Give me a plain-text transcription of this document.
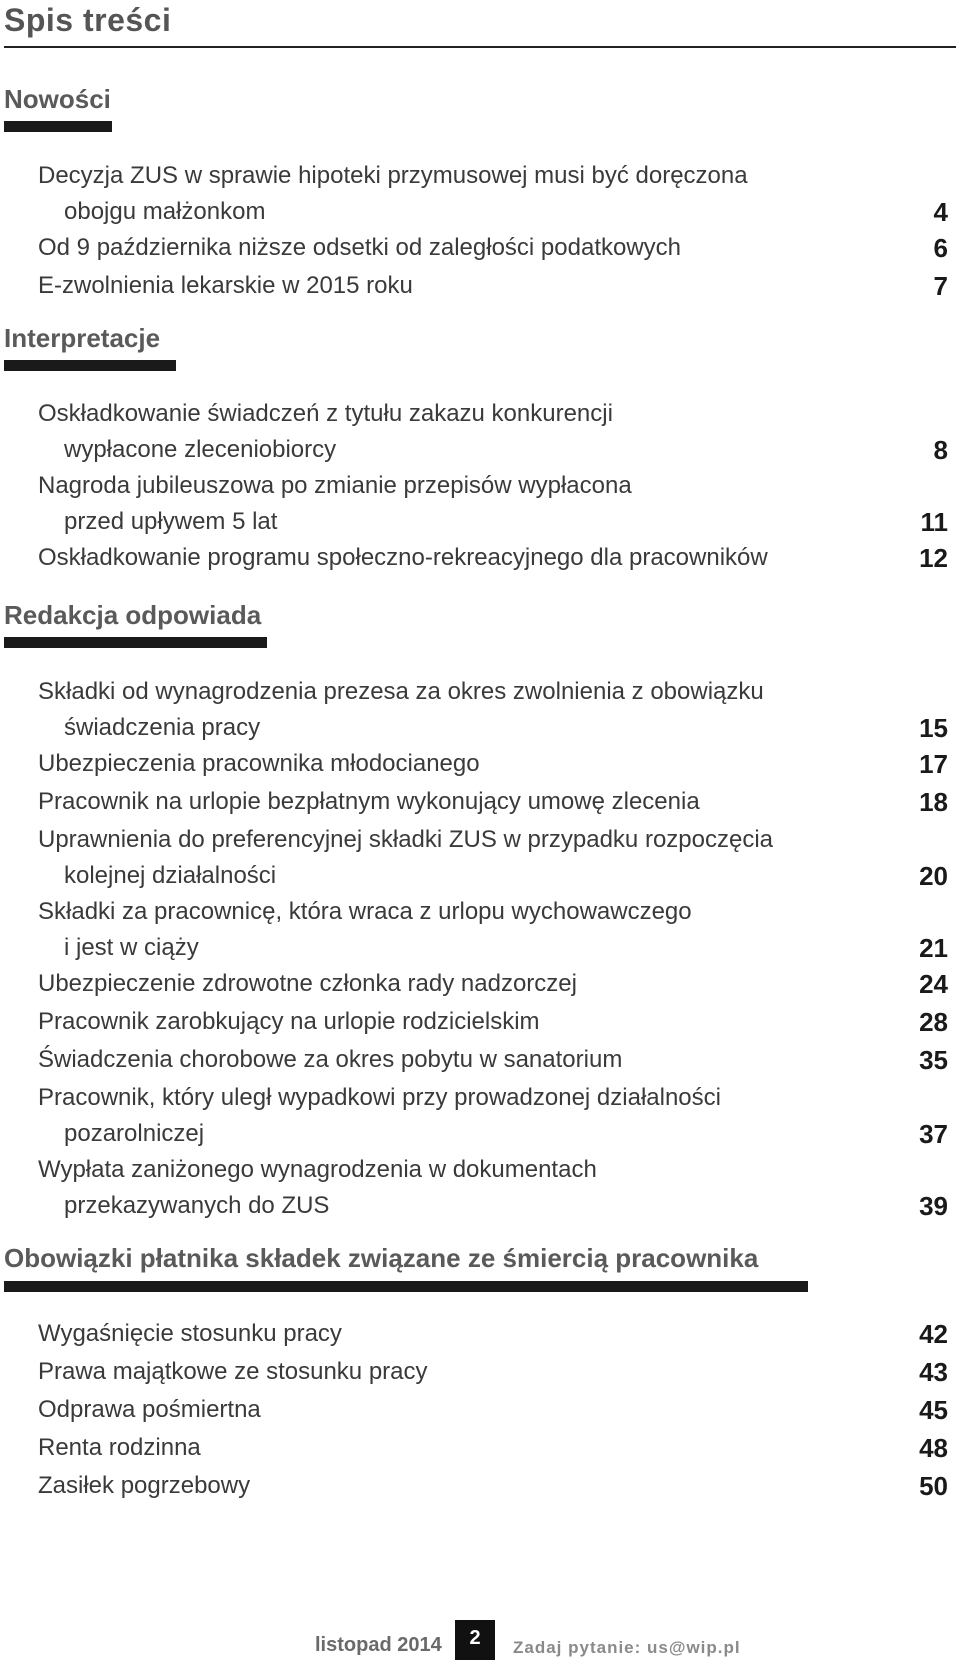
Spis treści
Nowości
Decyzja ZUS w sprawie hipoteki przymusowej musi być doręczona
obojgu małżonkom	4
Od 9 października niższe odsetki od zaległości podatkowych	6
E-zwolnienia lekarskie w 2015 roku	7
Interpretacje
Oskładkowanie świadczeń z tytułu zakazu konkurencji
wypłacone zleceniobiorcy	8
Nagroda jubileuszowa po zmianie przepisów wypłacona
przed upływem 5 lat	11
Oskładkowanie programu społeczno-rekreacyjnego dla pracowników	12
Redakcja odpowiada
Składki od wynagrodzenia prezesa za okres zwolnienia z obowiązku
świadczenia pracy	15
Ubezpieczenia pracownika młodocianego	17
Pracownik na urlopie bezpłatnym wykonujący umowę zlecenia	18
Uprawnienia do preferencyjnej składki ZUS w przypadku rozpoczęcia
kolejnej działalności	20
Składki za pracownicę, która wraca z urlopu wychowawczego
i jest w ciąży	21
Ubezpieczenie zdrowotne członka rady nadzorczej	24
Pracownik zarobkujący na urlopie rodzicielskim	28
Świadczenia chorobowe za okres pobytu w sanatorium	35
Pracownik, który uległ wypadkowi przy prowadzonej działalności
pozarolniczej	37
Wypłata zaniżonego wynagrodzenia w dokumentach
przekazywanych do ZUS	39
Obowiązki płatnika składek związane ze śmiercią pracownika
Wygaśnięcie stosunku pracy	42
Prawa majątkowe ze stosunku pracy	43
Odprawa pośmiertna	45
Renta rodzinna	48
Zasiłek pogrzebowy	50
listopad 2014	2	Zadaj pytanie: us@wip.pl
